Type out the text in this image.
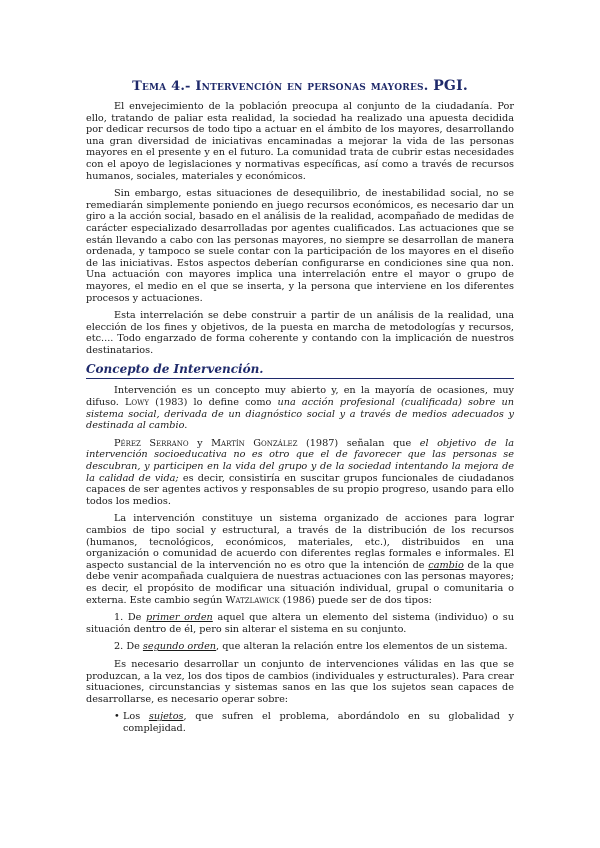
Tema 4.- Intervención en personas mayores. PGI.

El envejecimiento de la población preocupa al conjunto de la ciudadanía. Por ello, tratando de paliar esta realidad, la sociedad ha realizado una apuesta decidida por dedicar recursos de todo tipo a actuar en el ámbito de los mayores, desarrollando una gran diversidad de iniciativas encaminadas a mejorar la vida de las personas mayores en el presente y en el futuro. La comunidad trata de cubrir estas necesidades con el apoyo de legislaciones y normativas específicas, así como a través de recursos humanos, sociales, materiales y económicos.

Sin embargo, estas situaciones de desequilibrio, de inestabilidad social, no se remediarán simplemente poniendo en juego recursos económicos, es necesario dar un giro a la acción social, basado en el análisis de la realidad, acompañado de medidas de carácter especializado desarrolladas por agentes cualificados. Las actuaciones que se están llevando a cabo con las personas mayores, no siempre se desarrollan de manera ordenada, y tampoco se suele contar con la participación de los mayores en el diseño de las iniciativas. Estos aspectos deberían configurarse en condiciones sine qua non. Una actuación con mayores implica una interrelación entre el mayor o grupo de mayores, el medio en el que se inserta, y la persona que interviene en los diferentes procesos y actuaciones.

Esta interrelación se debe construir a partir de un análisis de la realidad, una elección de los fines y objetivos, de la puesta en marcha de metodologías y recursos, etc.... Todo engarzado de forma coherente y contando con la implicación de nuestros destinatarios.

Concepto de Intervención.

Intervención es un concepto muy abierto y, en la mayoría de ocasiones, muy difuso. Lowy (1983) lo define como una acción profesional (cualificada) sobre un sistema social, derivada de un diagnóstico social y a través de medios adecuados y destinada al cambio.

Pérez Serrano y Martín González (1987) señalan que el objetivo de la intervención socioeducativa no es otro que el de favorecer que las personas se descubran, y participen en la vida del grupo y de la sociedad intentando la mejora de la calidad de vida; es decir, consistiría en suscitar grupos funcionales de ciudadanos capaces de ser agentes activos y responsables de su propio progreso, usando para ello todos los medios.

La intervención constituye un sistema organizado de acciones para lograr cambios de tipo social y estructural, a través de la distribución de los recursos (humanos, tecnológicos, económicos, materiales, etc.), distribuidos en una organización o comunidad de acuerdo con diferentes reglas formales e informales. El aspecto sustancial de la intervención no es otro que la intención de cambio de la que debe venir acompañada cualquiera de nuestras actuaciones con las personas mayores; es decir, el propósito de modificar una situación individual, grupal o comunitaria o externa. Este cambio según Watzlawick (1986) puede ser de dos tipos:

1. De primer orden aquel que altera un elemento del sistema (individuo) o su situación dentro de él, pero sin alterar el sistema en su conjunto.
2. De segundo orden, que alteran la relación entre los elementos de un sistema.

Es necesario desarrollar un conjunto de intervenciones válidas en las que se produzcan, a la vez, los dos tipos de cambios (individuales y estructurales). Para crear situaciones, circunstancias y sistemas sanos en las que los sujetos sean capaces de desarrollarse, es necesario operar sobre:

• Los sujetos, que sufren el problema, abordándolo en su globalidad y complejidad.
